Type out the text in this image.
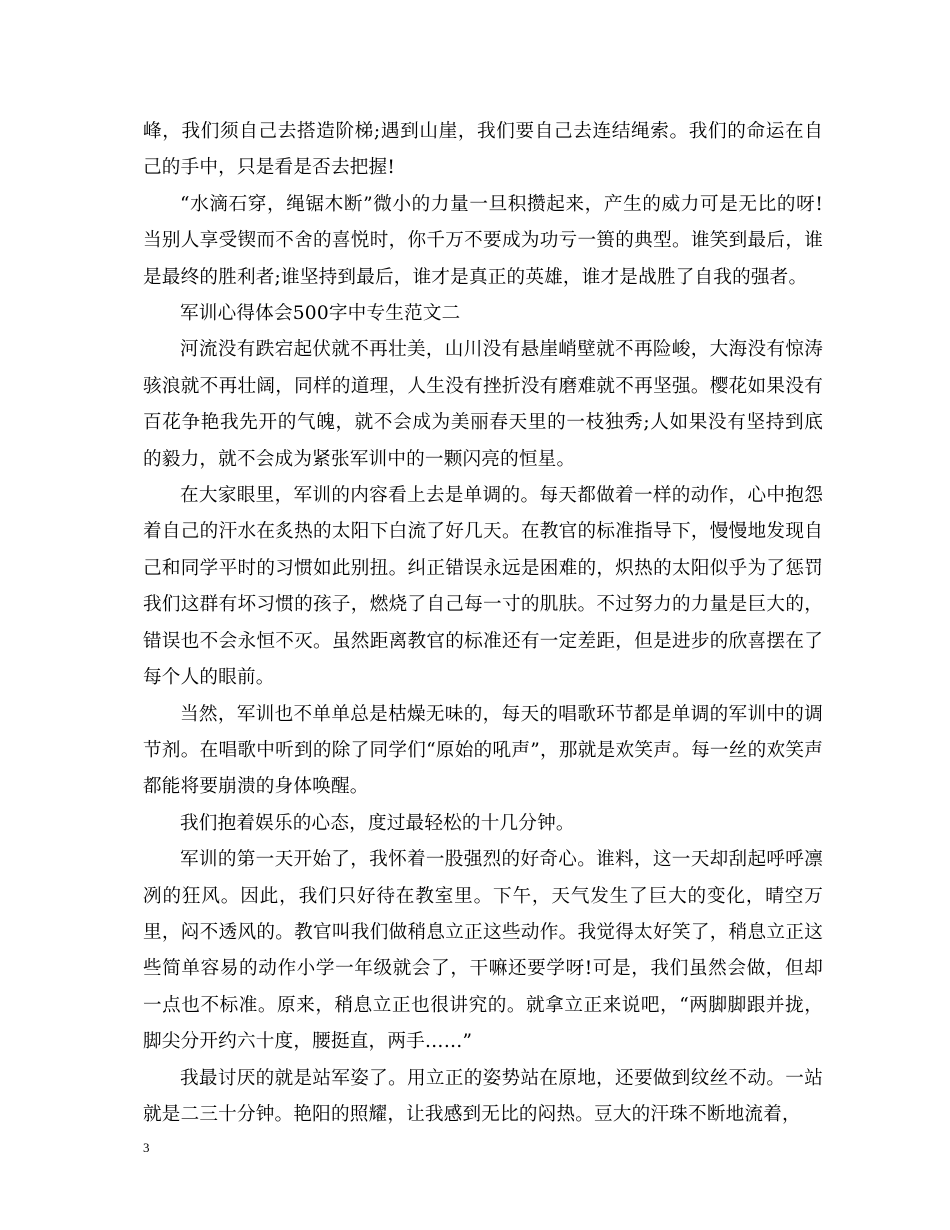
峰，我们须自己去搭造阶梯;遇到山崖，我们要自己去连结绳索。我们的命运在自己的手中，只是看是否去把握!

“水滴石穿，绳锯木断”微小的力量一旦积攒起来，产生的威力可是无比的呀!当别人享受锲而不舍的喜悦时，你千万不要成为功亏一篑的典型。谁笑到最后，谁是最终的胜利者;谁坚持到最后，谁才是真正的英雄，谁才是战胜了自我的强者。

军训心得体会500字中专生范文二

河流没有跌宕起伏就不再壮美，山川没有悬崖峭壁就不再险峻，大海没有惊涛骇浪就不再壮阔，同样的道理，人生没有挫折没有磨难就不再坚强。樱花如果没有百花争艳我先开的气魄，就不会成为美丽春天里的一枝独秀;人如果没有坚持到底的毅力，就不会成为紧张军训中的一颗闪亮的恒星。

在大家眼里，军训的内容看上去是单调的。每天都做着一样的动作，心中抱怨着自己的汗水在炙热的太阳下白流了好几天。在教官的标准指导下，慢慢地发现自己和同学平时的习惯如此别扭。纠正错误永远是困难的，炽热的太阳似乎为了惩罚我们这群有坏习惯的孩子，燃烧了自己每一寸的肌肤。不过努力的力量是巨大的，错误也不会永恒不灭。虽然距离教官的标准还有一定差距，但是进步的欣喜摆在了每个人的眼前。

当然，军训也不单单总是枯燥无味的，每天的唱歌环节都是单调的军训中的调节剂。在唱歌中听到的除了同学们“原始的吼声”，那就是欢笑声。每一丝的欢笑声都能将要崩溃的身体唤醒。

我们抱着娱乐的心态，度过最轻松的十几分钟。

军训的第一天开始了，我怀着一股强烈的好奇心。谁料，这一天却刮起呼呼凛冽的狂风。因此，我们只好待在教室里。下午，天气发生了巨大的变化，晴空万里，闷不透风的。教官叫我们做稍息立正这些动作。我觉得太好笑了，稍息立正这些简单容易的动作小学一年级就会了，干嘛还要学呀!可是，我们虽然会做，但却一点也不标准。原来，稍息立正也很讲究的。就拿立正来说吧，“两脚脚跟并拢，脚尖分开约六十度，腰挺直，两手……”

我最讨厌的就是站军姿了。用立正的姿势站在原地，还要做到纹丝不动。一站就是二三十分钟。艳阳的照耀，让我感到无比的闷热。豆大的汗珠不断地流着，

3
